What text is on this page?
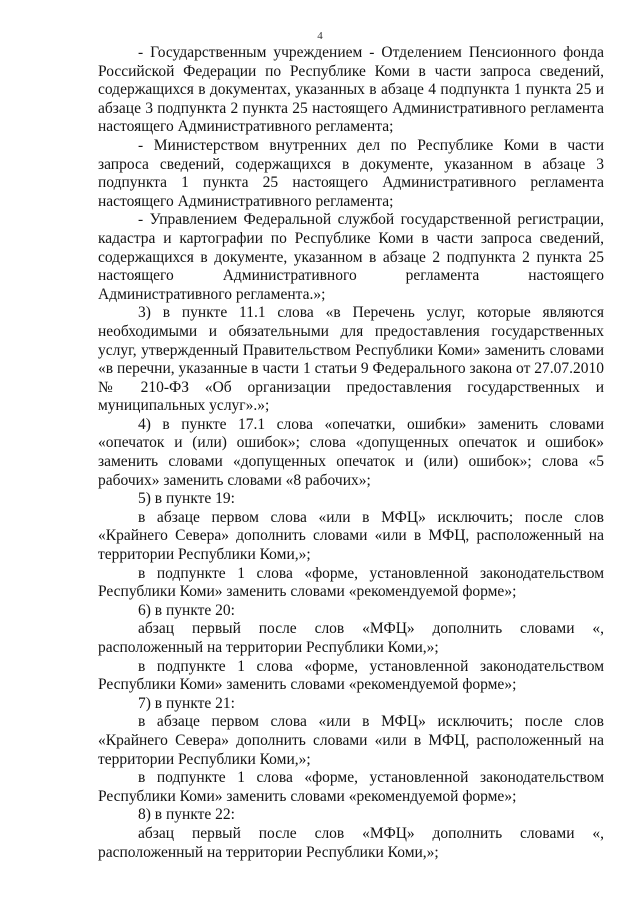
4

- Государственным учреждением - Отделением Пенсионного фонда Российской Федерации по Республике Коми в части запроса сведений, содержащихся в документах, указанных в абзаце 4 подпункта 1 пункта 25 и абзаце 3 подпункта 2 пункта 25 настоящего Административного регламента настоящего Административного регламента;

- Министерством внутренних дел по Республике Коми в части запроса сведений, содержащихся в документе, указанном в абзаце 3 подпункта 1 пункта 25 настоящего Административного регламента настоящего Административного регламента;

- Управлением Федеральной службой государственной регистрации, кадастра и картографии по Республике Коми в части запроса сведений, содержащихся в документе, указанном в абзаце 2 подпункта 2 пункта 25 настоящего Административного регламента настоящего Административного регламента.»;

3) в пункте 11.1 слова «в Перечень услуг, которые являются необходимыми и обязательными для предоставления государственных услуг, утвержденный Правительством Республики Коми» заменить словами «в перечни, указанные в части 1 статьи 9 Федерального закона от 27.07.2010 № 210-ФЗ «Об организации предоставления государственных и муниципальных услуг».»;

4) в пункте 17.1 слова «опечатки, ошибки» заменить словами «опечаток и (или) ошибок»; слова «допущенных опечаток и ошибок» заменить словами «допущенных опечаток и (или) ошибок»; слова «5 рабочих» заменить словами «8 рабочих»;

5) в пункте 19:

в абзаце первом слова «или в МФЦ» исключить; после слов «Крайнего Севера» дополнить словами «или в МФЦ, расположенный на территории Республики Коми,»;

в подпункте 1 слова «форме, установленной законодательством Республики Коми» заменить словами «рекомендуемой форме»;

6) в пункте 20:

абзац первый после слов «МФЦ» дополнить словами «, расположенный на территории Республики Коми,»;

в подпункте 1 слова «форме, установленной законодательством Республики Коми» заменить словами «рекомендуемой форме»;

7) в пункте 21:

в абзаце первом слова «или в МФЦ» исключить; после слов «Крайнего Севера» дополнить словами «или в МФЦ, расположенный на территории Республики Коми,»;

в подпункте 1 слова «форме, установленной законодательством Республики Коми» заменить словами «рекомендуемой форме»;

8) в пункте 22:

абзац первый после слов «МФЦ» дополнить словами «, расположенный на территории Республики Коми,»;
